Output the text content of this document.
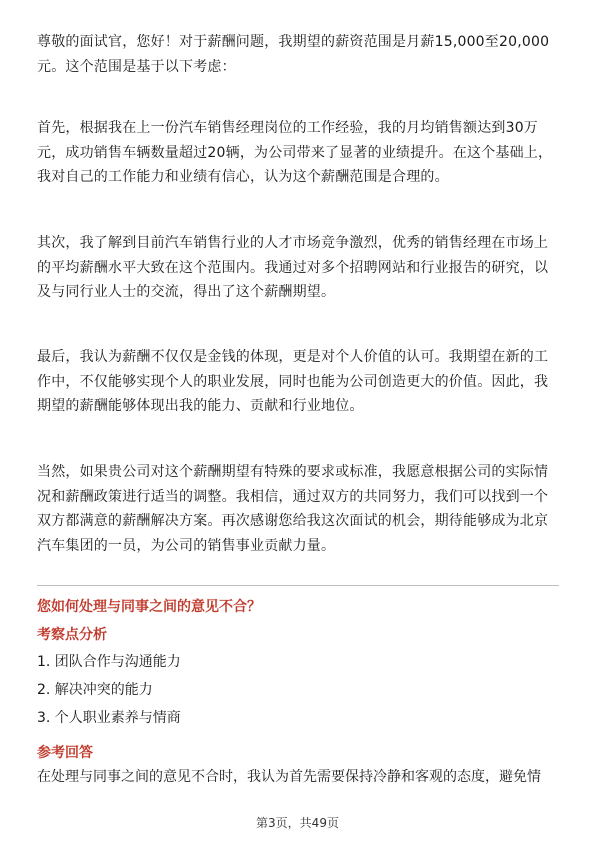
尊敬的面试官，您好！对于薪酬问题，我期望的薪资范围是月薪15,000至20,000
元。这个范围是基于以下考虑：

首先，根据我在上一份汽车销售经理岗位的工作经验，我的月均销售额达到30万
元，成功销售车辆数量超过20辆，为公司带来了显著的业绩提升。在这个基础上，
我对自己的工作能力和业绩有信心，认为这个薪酬范围是合理的。

其次，我了解到目前汽车销售行业的人才市场竞争激烈，优秀的销售经理在市场上
的平均薪酬水平大致在这个范围内。我通过对多个招聘网站和行业报告的研究，以
及与同行业人士的交流，得出了这个薪酬期望。

最后，我认为薪酬不仅仅是金钱的体现，更是对个人价值的认可。我期望在新的工
作中，不仅能够实现个人的职业发展，同时也能为公司创造更大的价值。因此，我
期望的薪酬能够体现出我的能力、贡献和行业地位。

当然，如果贵公司对这个薪酬期望有特殊的要求或标准，我愿意根据公司的实际情
况和薪酬政策进行适当的调整。我相信，通过双方的共同努力，我们可以找到一个
双方都满意的薪酬解决方案。再次感谢您给我这次面试的机会，期待能够成为北京
汽车集团的一员，为公司的销售事业贡献力量。

您如何处理与同事之间的意见不合？
考察点分析
1. 团队合作与沟通能力
2. 解决冲突的能力
3. 个人职业素养与情商
参考回答

在处理与同事之间的意见不合时，我认为首先需要保持冷静和客观的态度，避免情

第3页，共49页
